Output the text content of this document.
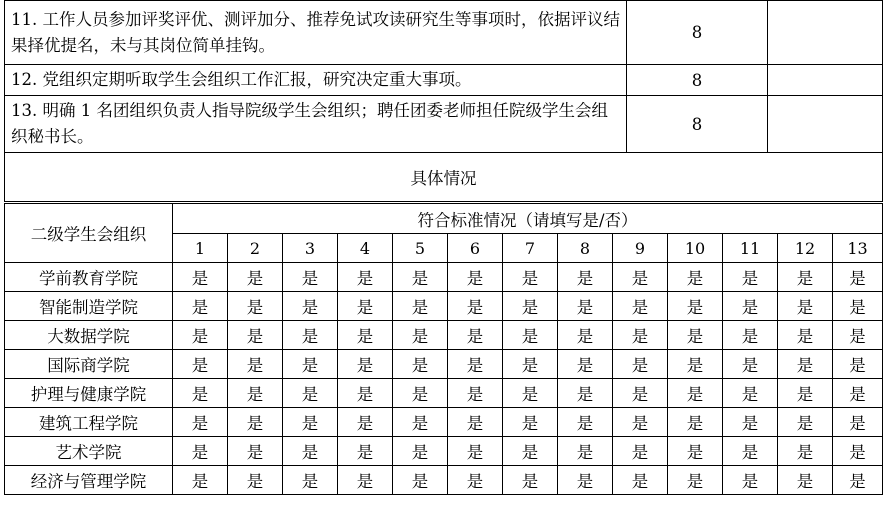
11. 工作人员参加评奖评优、测评加分、推荐免试攻读研究生等事项时，依据评议结果择优提名，未与其岗位简单挂钩。	8	
12. 党组织定期听取学生会组织工作汇报，研究决定重大事项。	8	
13. 明确 1 名团组织负责人指导院级学生会组织；聘任团委老师担任院级学生会组织秘书长。	8	
具体情况		
二级学生会组织	符合标准情况（请填写是/否）												
	1	2	3	4	5	6	7	8	9	10	11	12	13
学前教育学院	是	是	是	是	是	是	是	是	是	是	是	是	是
智能制造学院	是	是	是	是	是	是	是	是	是	是	是	是	是
大数据学院	是	是	是	是	是	是	是	是	是	是	是	是	是
国际商学院	是	是	是	是	是	是	是	是	是	是	是	是	是
护理与健康学院	是	是	是	是	是	是	是	是	是	是	是	是	是
建筑工程学院	是	是	是	是	是	是	是	是	是	是	是	是	是
艺术学院	是	是	是	是	是	是	是	是	是	是	是	是	是
经济与管理学院	是	是	是	是	是	是	是	是	是	是	是	是	是
